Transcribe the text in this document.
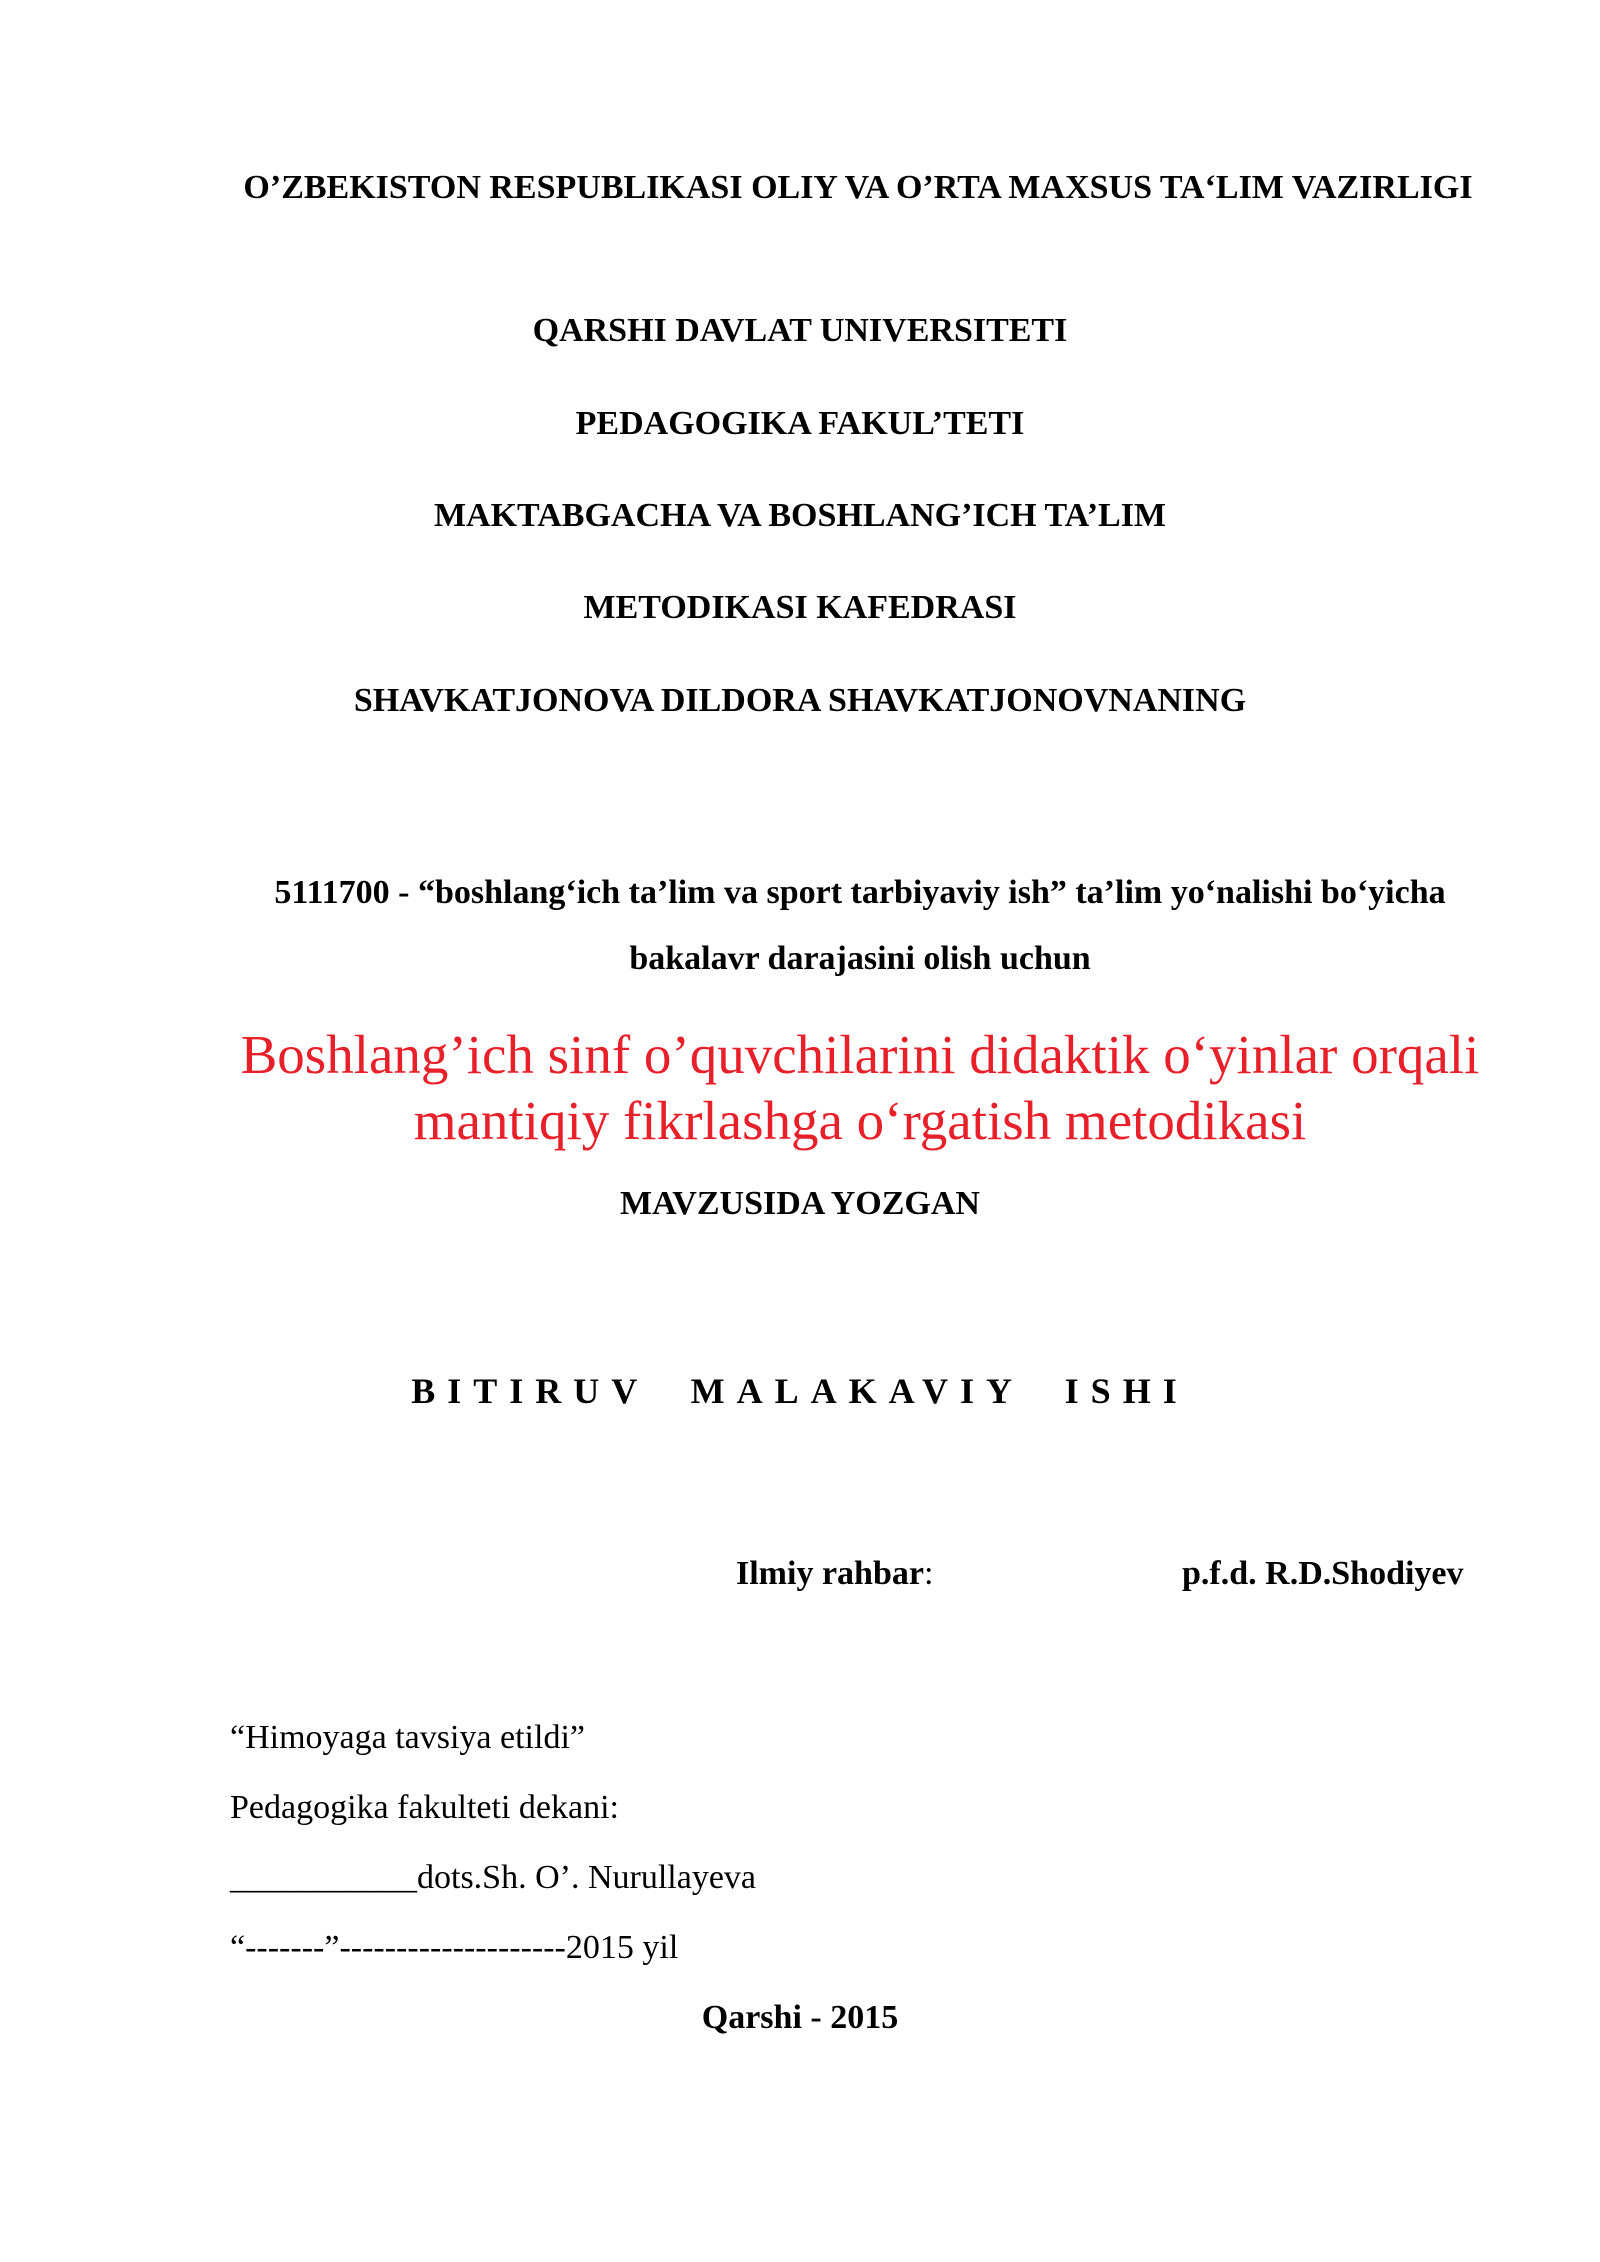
O’ZBEKISTON RESPUBLIKASI OLIY VA O’RTA MAXSUS TA‘LIM VAZIRLIGI
QARSHI DAVLAT UNIVERSITETI
PEDAGOGIKA FAKUL’TETI
MAKTABGACHA VA BOSHLANG’ICH TA’LIM
METODIKASI KAFEDRASI
SHAVKATJONOVA DILDORA SHAVKATJONOVNANING
5111700 - “boshlang‘ich ta’lim va sport tarbiyaviy ish” ta’lim yo‘nalishi bo‘yicha bakalavr darajasini olish uchun
Boshlang’ich sinf o’quvchilarini didaktik o‘yinlar orqali mantiqiy fikrlashga o‘rgatish metodikasi
MAVZUSIDA YOZGAN
BITIRUV  MALAKAVIY  ISHI
Ilmiy rahbar:	p.f.d. R.D.Shodiyev
“Himoyaga tavsiya etildi”
Pedagogika fakulteti dekani:
___________dots.Sh. O’. Nurullayeva
“-------”--------------------2015 yil
Qarshi - 2015
